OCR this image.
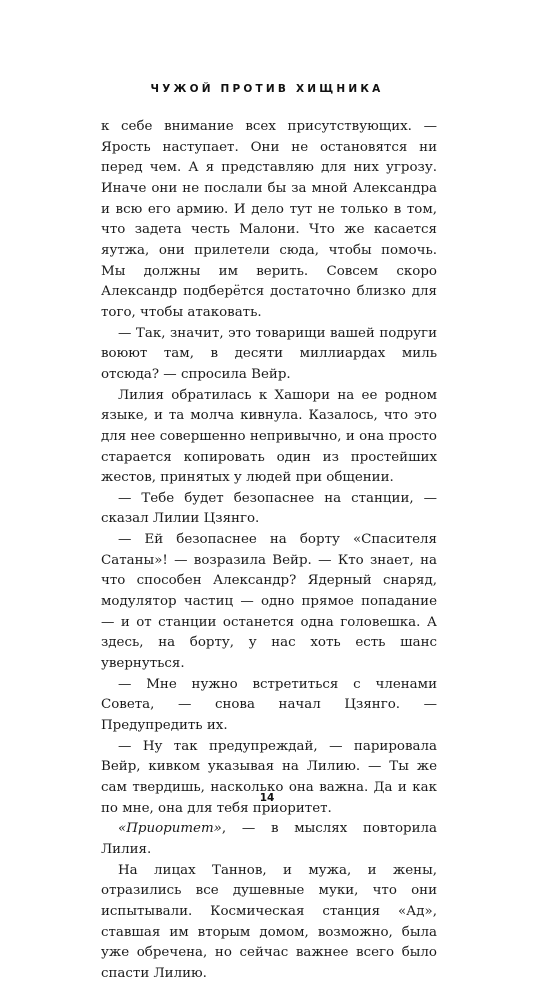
ЧУЖОЙ ПРОТИВ ХИЩНИКА

к себе внимание всех присутствующих. — Ярость наступает. Они не остановятся ни перед чем. А я представляю для них угрозу. Иначе они не послали бы за мной Александра и всю его армию. И дело тут не только в том, что задета честь Малони. Что же касается яутжа, они прилетели сюда, чтобы помочь. Мы должны им верить. Совсем скоро Александр подберётся достаточно близко для того, чтобы атаковать.

— Так, значит, это товарищи вашей подруги воюют там, в десяти миллиардах миль отсюда? — спросила Вейр.

Лилия обратилась к Хашори на ее родном языке, и та молча кивнула. Казалось, что это для нее совершенно непривычно, и она просто старается копировать один из простейших жестов, принятых у людей при общении.

— Тебе будет безопаснее на станции, — сказал Лилии Цзянго.

— Ей безопаснее на борту «Спасителя Сатаны»! — возразила Вейр. — Кто знает, на что способен Александр? Ядерный снаряд, модулятор частиц — одно прямое попадание — и от станции останется одна головешка. А здесь, на борту, у нас хоть есть шанс увернуться.

— Мне нужно встретиться с членами Совета, — снова начал Цзянго. — Предупредить их.

— Ну так предупреждай, — парировала Вейр, кивком указывая на Лилию. — Ты же сам твердишь, насколько она важна. Да и как по мне, она для тебя приоритет.

«Приоритет», — в мыслях повторила Лилия.

На лицах Таннов, и мужа, и жены, отразились все душевные муки, что они испытывали. Космическая станция «Ад», ставшая им вторым домом, возможно, была уже обречена, но сейчас важнее всего было спасти Лилию.

14
